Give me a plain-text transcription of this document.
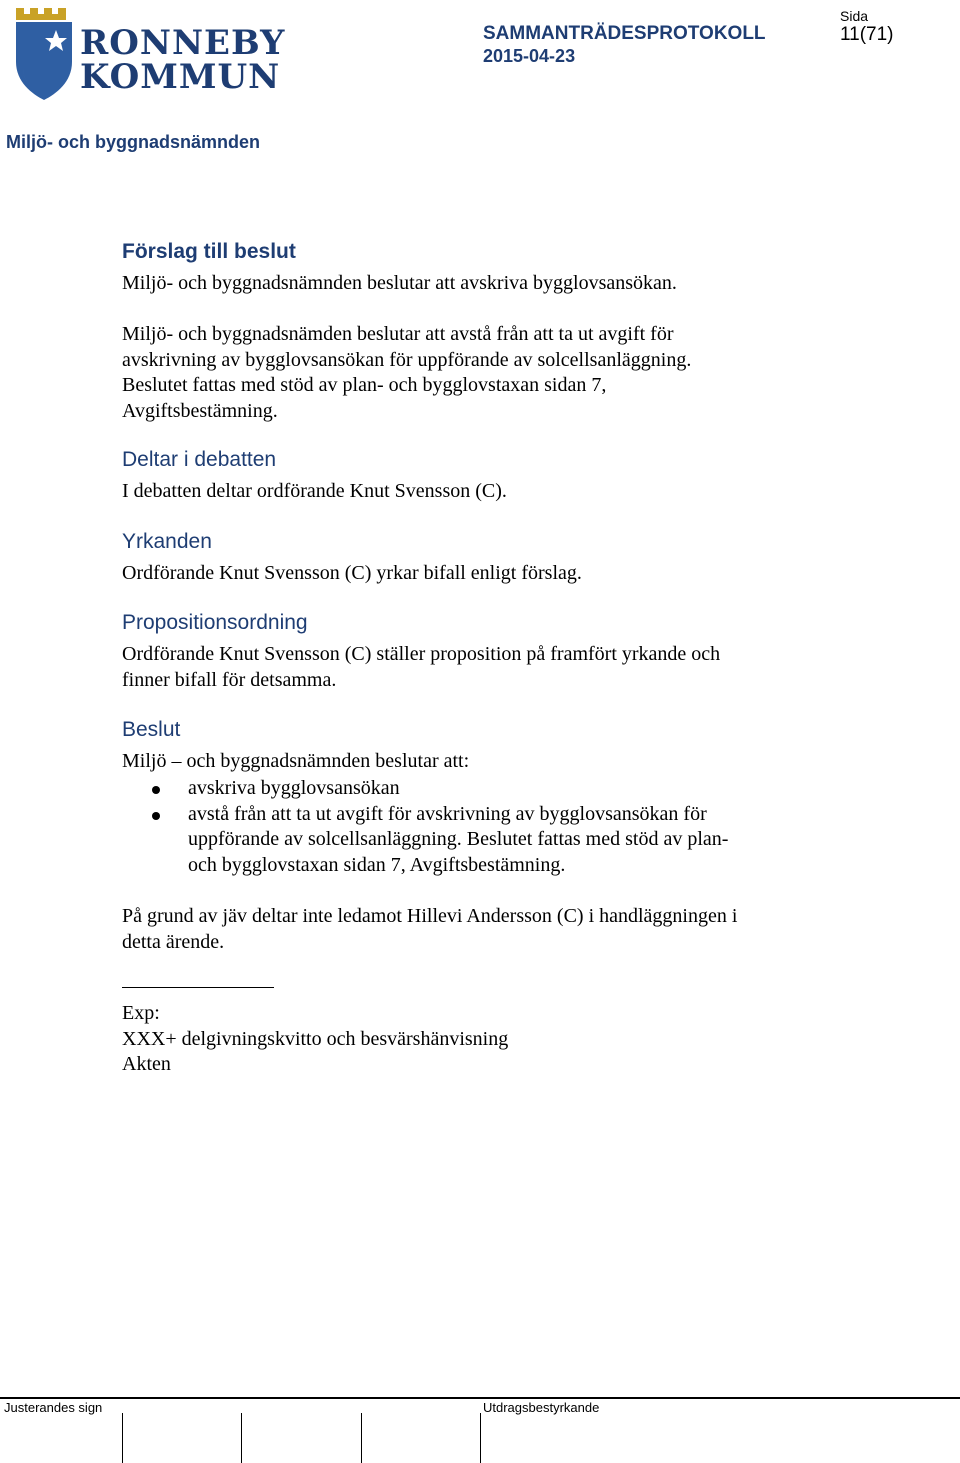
RONNEBY
KOMMUN
SAMMANTRÄDESPROTOKOLL
2015-04-23
Sida
11(71)
Miljö- och byggnadsnämnden
Förslag till beslut

Miljö- och byggnadsnämnden beslutar att avskriva bygglovsansökan.

Miljö- och byggnadsnämden beslutar att avstå från att ta ut avgift för
avskrivning av bygglovsansökan för uppförande av solcellsanläggning.
Beslutet fattas med stöd av plan- och bygglovstaxan sidan 7,
Avgiftsbestämning.

Deltar i debatten

I debatten deltar ordförande Knut Svensson (C).

Yrkanden

Ordförande Knut Svensson (C) yrkar bifall enligt förslag.

Propositionsordning

Ordförande Knut Svensson (C) ställer proposition på framfört yrkande och
finner bifall för detsamma.

Beslut

Miljö – och byggnadsnämnden beslutar att:

avskriva bygglovsansökan
avstå från att ta ut avgift för avskrivning av bygglovsansökan för
uppförande av solcellsanläggning. Beslutet fattas med stöd av plan-
och bygglovstaxan sidan 7, Avgiftsbestämning.

På grund av jäv deltar inte ledamot Hillevi Andersson (C) i handläggningen i
detta ärende.

Exp:
XXX+ delgivningskvitto och besvärshänvisning
Akten

Justerandes sign	Utdragsbestyrkande
